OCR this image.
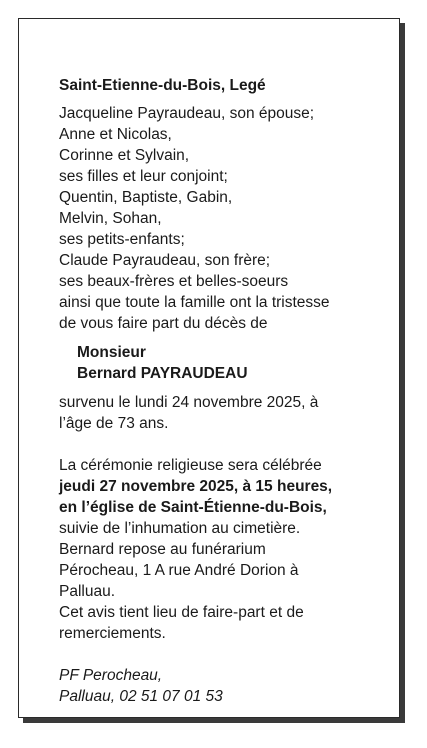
Saint-Etienne-du-Bois, Legé
Jacqueline Payraudeau, son épouse;
Anne et Nicolas,
Corinne et Sylvain,
ses filles et leur conjoint;
Quentin, Baptiste, Gabin,
Melvin, Sohan,
ses petits-enfants;
Claude Payraudeau, son frère;
ses beaux-frères et belles-soeurs
ainsi que toute la famille ont la tristesse
de vous faire part du décès de
Monsieur
Bernard PAYRAUDEAU
survenu le lundi 24 novembre 2025, à
l’âge de 73 ans.
La cérémonie religieuse sera célébrée
jeudi 27 novembre 2025, à 15 heures,
en l’église de Saint-Étienne-du-Bois,
suivie de l’inhumation au cimetière.
Bernard repose au funérarium
Pérocheau, 1 A rue André Dorion à
Palluau.
Cet avis tient lieu de faire-part et de
remerciements.
PF Perocheau,
Palluau, 02 51 07 01 53
